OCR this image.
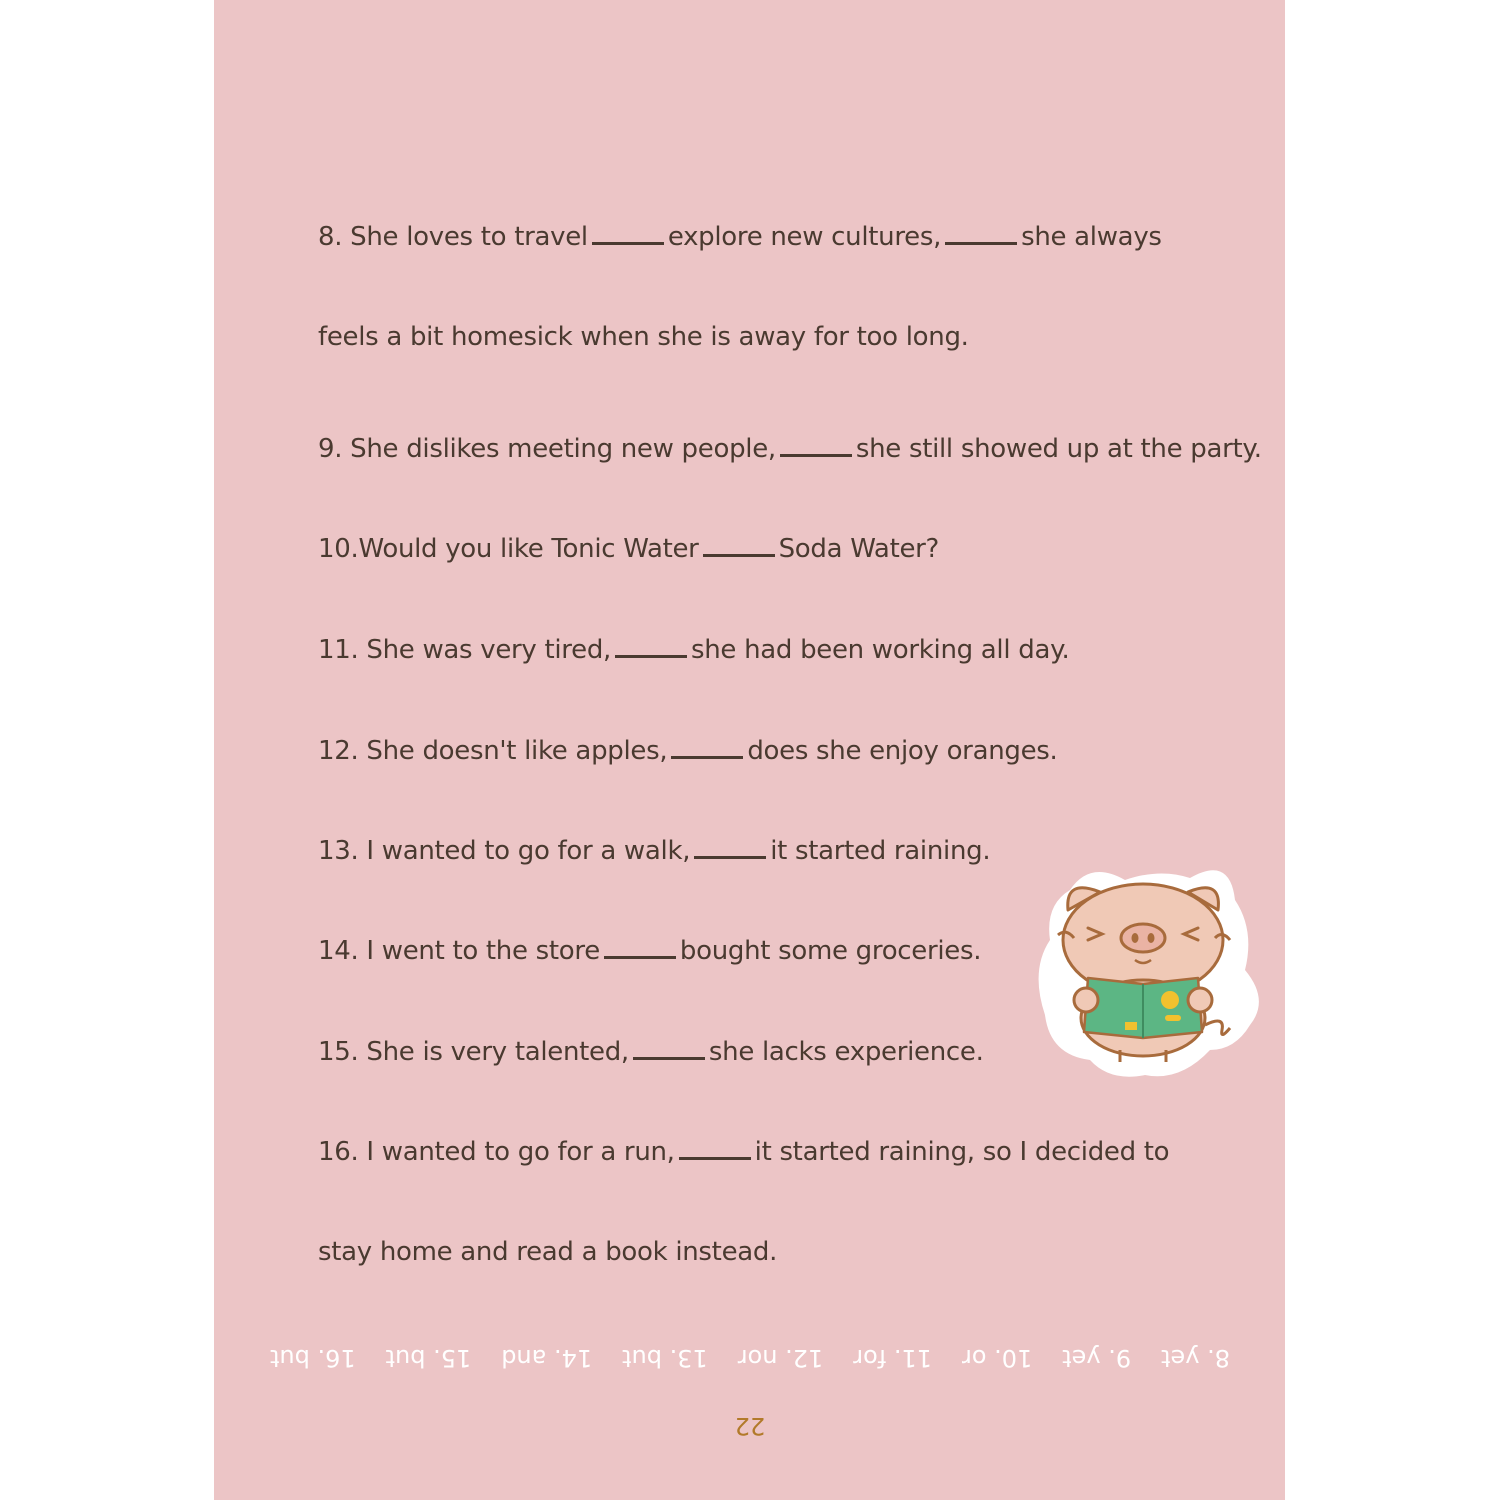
8. She loves to travel	explore new cultures,	she always
feels a bit homesick when she is away for too long.
9. She dislikes meeting new people,	she still showed up at the party.
10.Would you like Tonic Water	Soda Water?
11. She was very tired,	she had been working all day.
12. She doesn't like apples,	does she enjoy oranges.
13. I wanted to go for a walk,	it started raining.
14. I went to the store	bought some groceries.
15. She is very talented,	she lacks experience.
16. I wanted to go for a run,	it started raining, so I decided to
stay home and read a book instead.
8. yet
9. yet
10. or
11. for
12. nor
13. but
14. and
15. but
16. but
22
